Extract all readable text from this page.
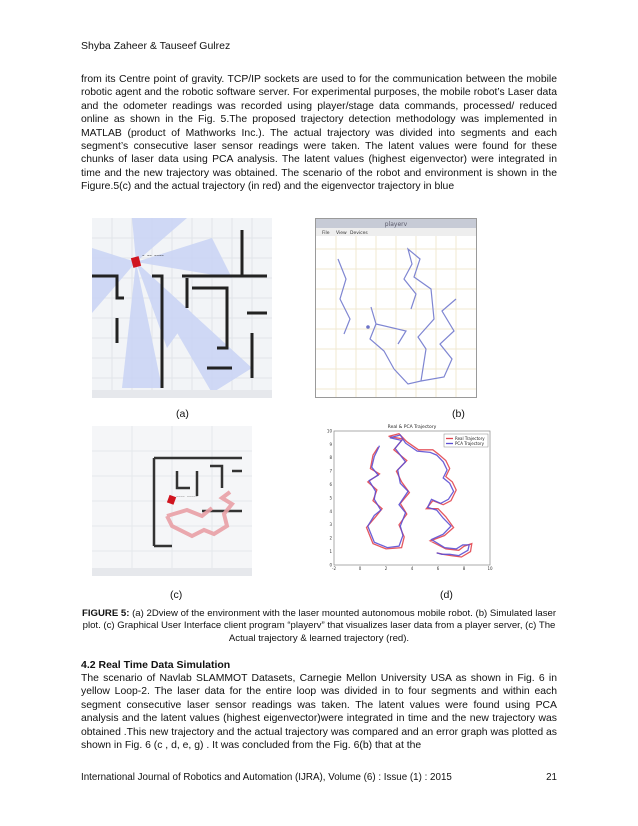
Shyba Zaheer & Tauseef Gulrez

from its Centre point of gravity. TCP/IP sockets are used to for the communication between the mobile robotic agent and the robotic software server. For experimental purposes, the mobile robot’s Laser data and the odometer readings was recorded using player/stage data commands, processed/ reduced online as shown in the Fig. 5.The proposed trajectory detection methodology was implemented in MATLAB (product of Mathworks Inc.). The actual trajectory was divided into segments and each segment’s consecutive laser sensor readings were taken. The latent values were found for these chunks of laser data using PCA analysis. The latent values (highest eigenvector) were integrated in time and the new trajectory was obtained. The scenario of the robot and environment is shown in the Figure.5(c) and the actual trajectory (in red) and the eigenvector trajectory in blue

~ ~~ ~~~~
(a)
playerv
File View Devices
(b)
~~~~ ~~~~~
(c)
Real & PCA Trajectory
-2	0	2	4	6	8	10
0
1
2
3
4
5
6
7
8
9
10
Real Trajectory
PCA Trajectory
(d)

FIGURE 5: (a) 2Dview of the environment with the laser mounted autonomous mobile robot. (b) Simulated laser plot. (c) Graphical User Interface client program “playerv” that visualizes laser data from a player server, (c) The Actual trajectory & learned trajectory (red).

4.2 Real Time Data Simulation

The scenario of Navlab SLAMMOT Datasets, Carnegie Mellon University USA as shown in Fig. 6 in yellow Loop-2. The laser data for the entire loop was divided in to four segments and within each segment consecutive laser sensor readings was taken. The latent values were found using PCA analysis and the latent values (highest eigenvector)were integrated in time and the new trajectory was obtained .This new trajectory and the actual trajectory was compared and an error graph was plotted as shown in Fig. 6 (c , d, e, g) . It was concluded from the Fig. 6(b) that at the

International Journal of Robotics and Automation (IJRA), Volume (6) : Issue (1) : 2015	21
